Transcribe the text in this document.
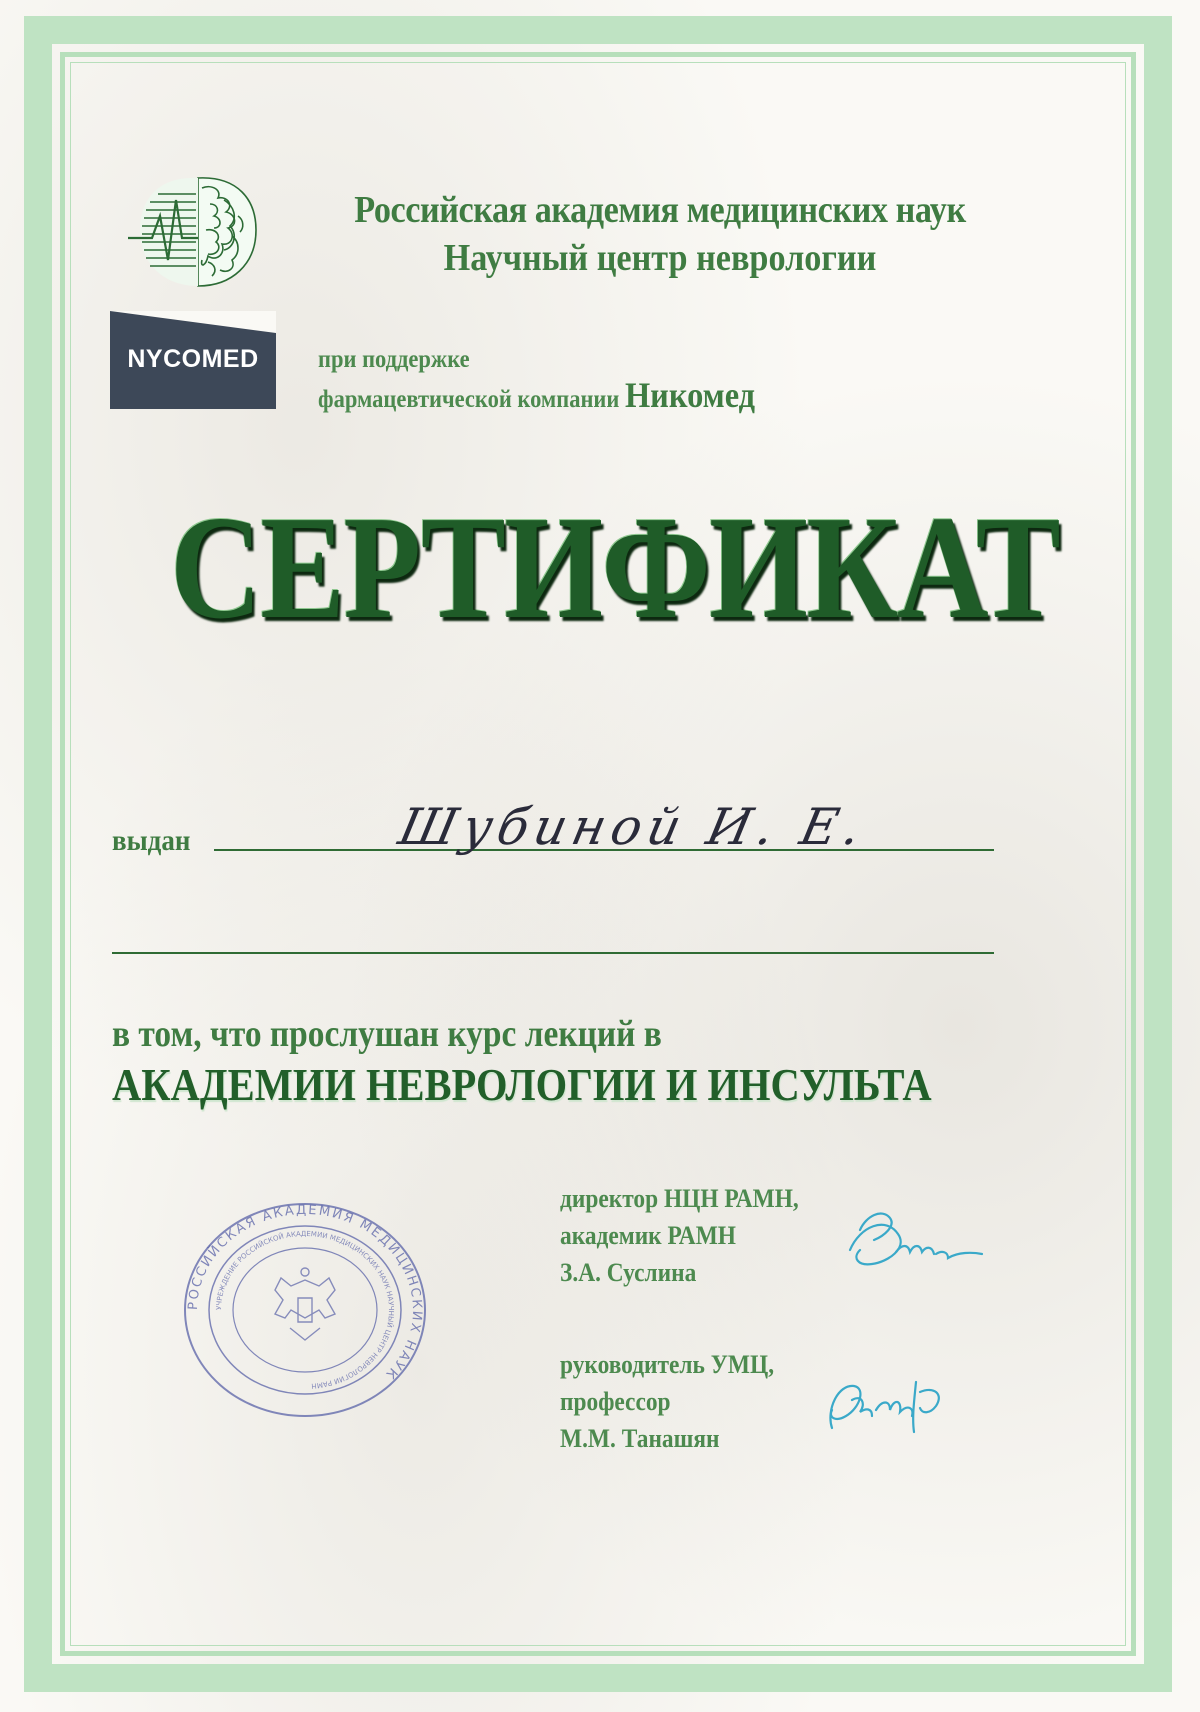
Российская академия медицинских наук
Научный центр неврологии
NYCOMED	при поддержке
фармацевтической компании Никомед
СЕРТИФИКАТ
выдан	Шубиной И. Е.
в том, что прослушан курс лекций в
АКАДЕМИИ НЕВРОЛОГИИ И ИНСУЛЬТА
директор НЦН РАМН,
академик РАМН
З.А. Суслина
руководитель УМЦ,
профессор
М.М. Танашян
РОССИЙСКАЯ АКАДЕМИЯ МЕДИЦИНСКИХ НАУК
УЧРЕЖДЕНИЕ РОССИЙСКОЙ АКАДЕМИИ МЕДИЦИНСКИХ НАУК НАУЧНЫЙ ЦЕНТР НЕВРОЛОГИИ РАМН
